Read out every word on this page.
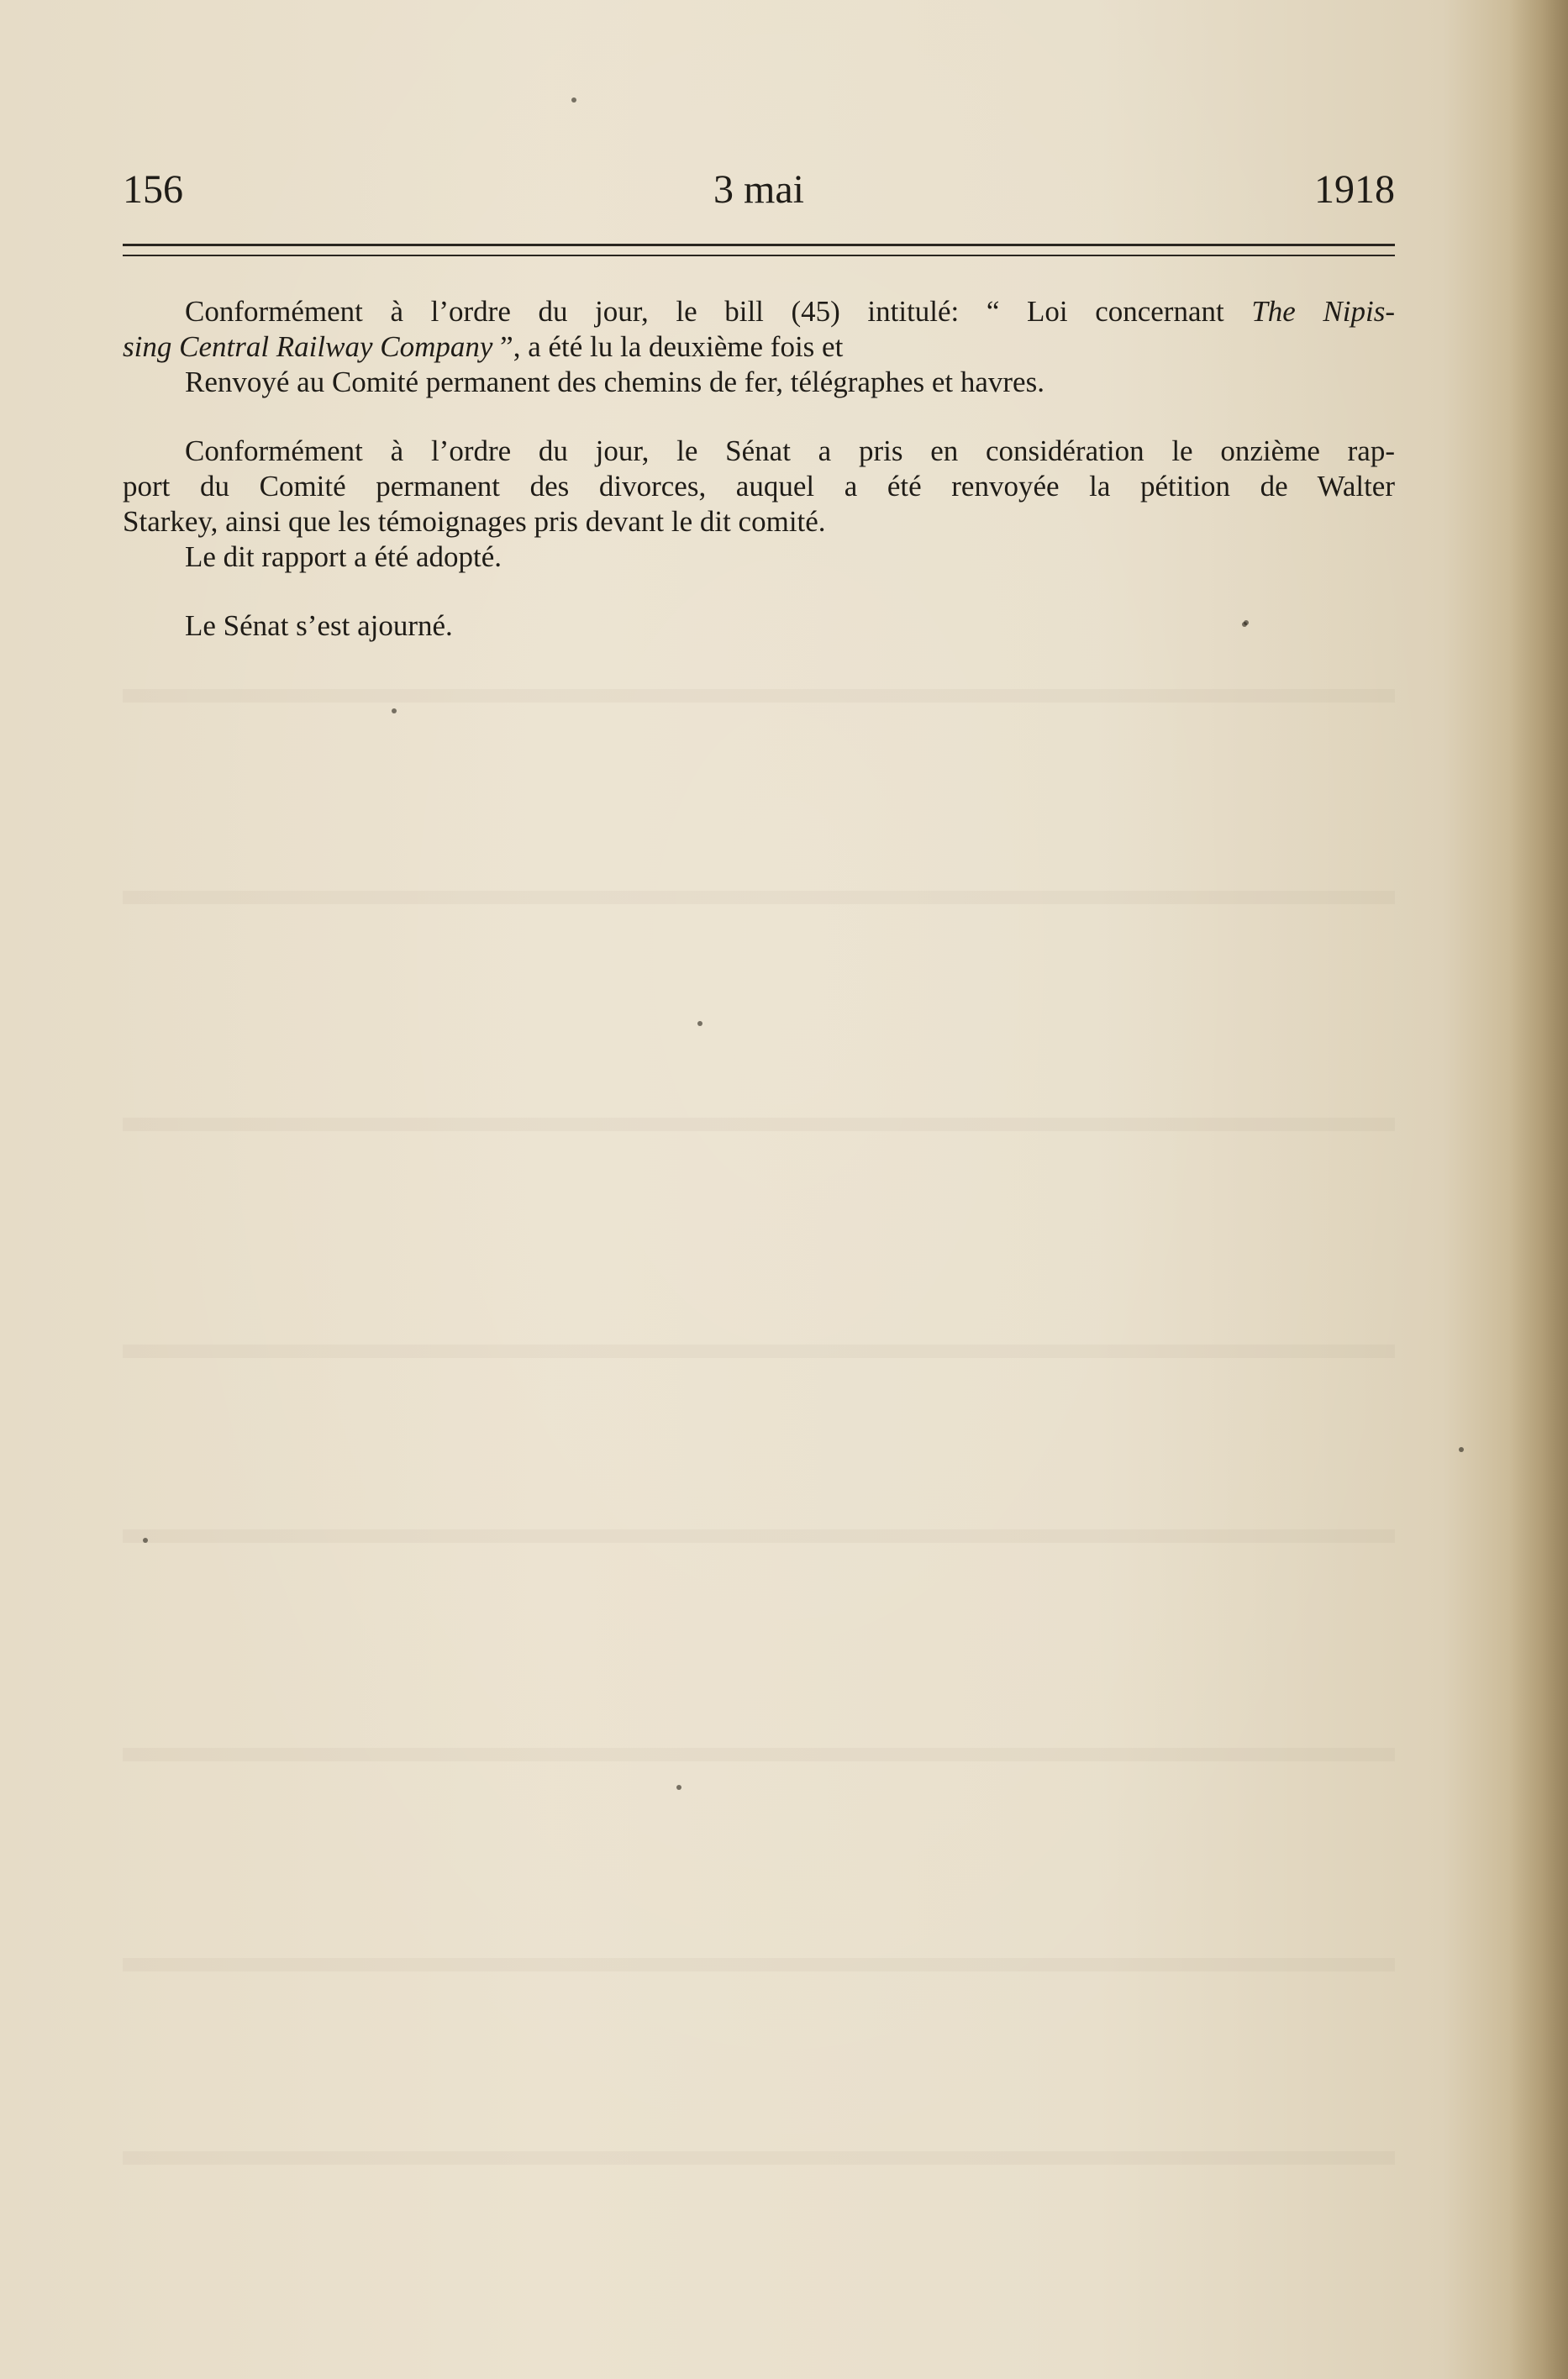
156	3 mai	1918
Conformément à l’ordre du jour, le bill (45) intitulé: “ Loi concernant The Nipis-
sing Central Railway Company ”, a été lu la deuxième fois et
Renvoyé au Comité permanent des chemins de fer, télégraphes et havres.
Conformément à l’ordre du jour, le Sénat a pris en considération le onzième rap-
port du Comité permanent des divorces, auquel a été renvoyée la pétition de Walter
Starkey, ainsi que les témoignages pris devant le dit comité.
Le dit rapport a été adopté.
Le Sénat s’est ajourné.
